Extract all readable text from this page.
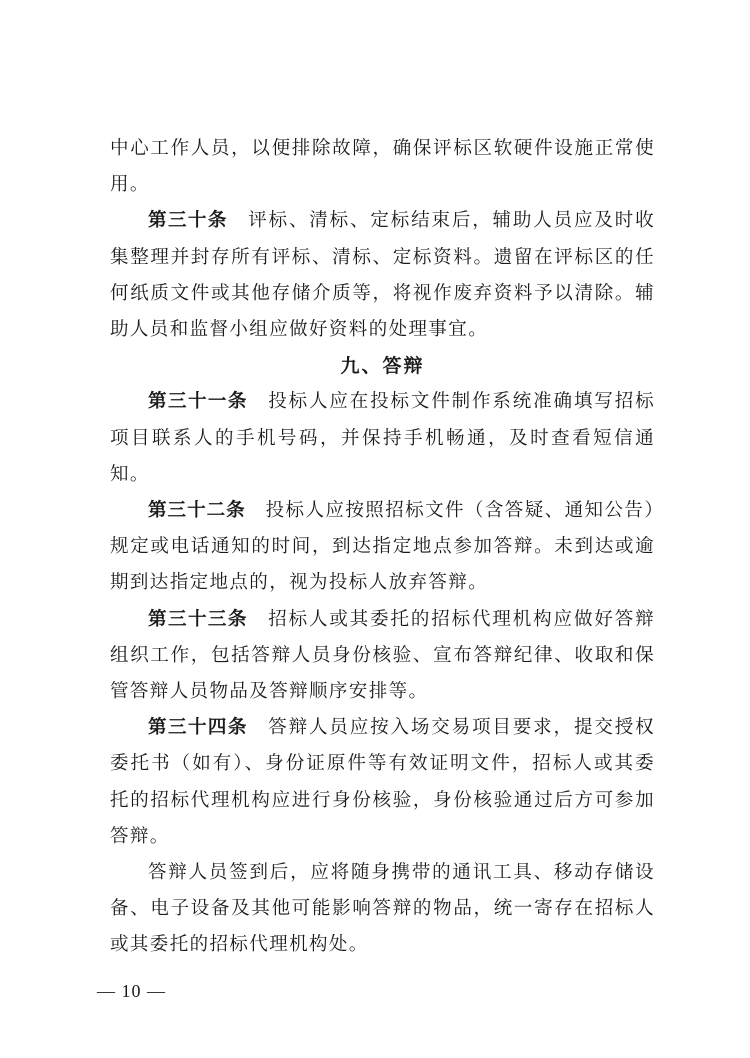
中心工作人员，以便排除故障，确保评标区软硬件设施正常使用。

第三十条　评标、清标、定标结束后，辅助人员应及时收集整理并封存所有评标、清标、定标资料。遗留在评标区的任何纸质文件或其他存储介质等，将视作废弃资料予以清除。辅助人员和监督小组应做好资料的处理事宜。

九、答辩

第三十一条　投标人应在投标文件制作系统准确填写招标项目联系人的手机号码，并保持手机畅通，及时查看短信通知。

第三十二条　投标人应按照招标文件（含答疑、通知公告）规定或电话通知的时间，到达指定地点参加答辩。未到达或逾期到达指定地点的，视为投标人放弃答辩。

第三十三条　招标人或其委托的招标代理机构应做好答辩组织工作，包括答辩人员身份核验、宣布答辩纪律、收取和保管答辩人员物品及答辩顺序安排等。

第三十四条　答辩人员应按入场交易项目要求，提交授权委托书（如有）、身份证原件等有效证明文件，招标人或其委托的招标代理机构应进行身份核验，身份核验通过后方可参加答辩。

答辩人员签到后，应将随身携带的通讯工具、移动存储设备、电子设备及其他可能影响答辩的物品，统一寄存在招标人或其委托的招标代理机构处。

— 10 —
